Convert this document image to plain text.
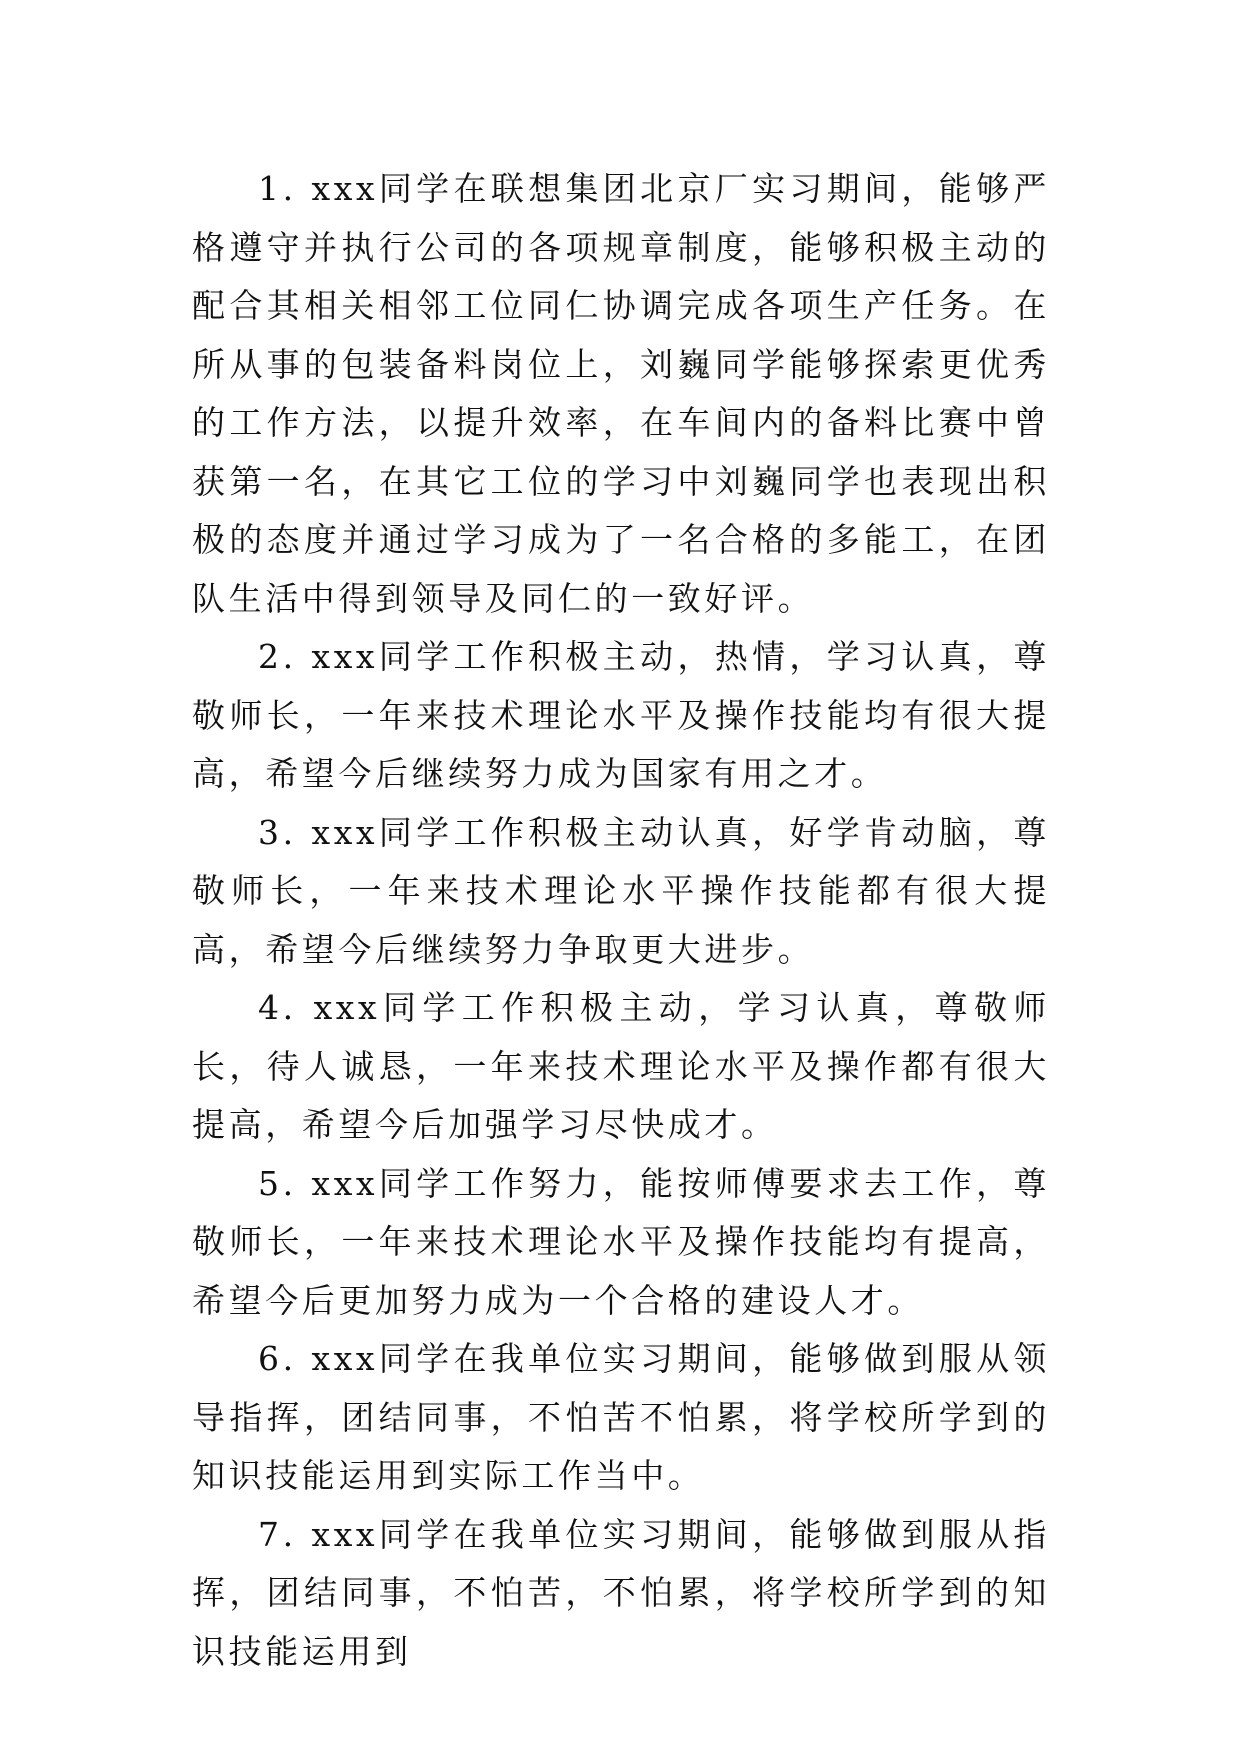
1. xxx同学在联想集团北京厂实习期间，能够严格遵守并执行公司的各项规章制度，能够积极主动的配合其相关相邻工位同仁协调完成各项生产任务。在所从事的包装备料岗位上，刘巍同学能够探索更优秀的工作方法，以提升效率，在车间内的备料比赛中曾获第一名，在其它工位的学习中刘巍同学也表现出积极的态度并通过学习成为了一名合格的多能工，在团队生活中得到领导及同仁的一致好评。

2. xxx同学工作积极主动，热情，学习认真，尊敬师长，一年来技术理论水平及操作技能均有很大提高，希望今后继续努力成为国家有用之才。

3. xxx同学工作积极主动认真，好学肯动脑，尊敬师长，一年来技术理论水平操作技能都有很大提高，希望今后继续努力争取更大进步。

4. xxx同学工作积极主动，学习认真，尊敬师长，待人诚恳，一年来技术理论水平及操作都有很大提高，希望今后加强学习尽快成才。

5. xxx同学工作努力，能按师傅要求去工作，尊敬师长，一年来技术理论水平及操作技能均有提高，希望今后更加努力成为一个合格的建设人才。

6. xxx同学在我单位实习期间，能够做到服从领导指挥，团结同事，不怕苦不怕累，将学校所学到的知识技能运用到实际工作当中。

7. xxx同学在我单位实习期间，能够做到服从指挥，团结同事，不怕苦，不怕累，将学校所学到的知识技能运用到
